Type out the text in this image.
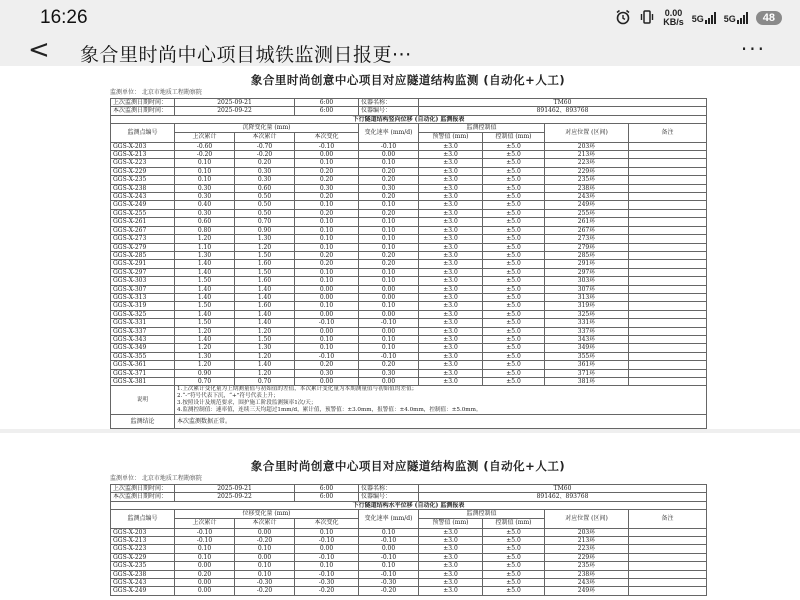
16:26	0.00
KB/s 5G 5G	48
< 象合里时尚中心项目城铁监测日报更···	···
象合里时尚创意中心项目对应隧道结构监测 (自动化+人工)
监测单位： 北京市地质工程勘察院
上次监测日期时间：	2025-09-21		6:00	仪器名称：	TM60			
本次监测日期时间：	2025-09-22		6:00	仪器编号：	891462、893768			
下行隧道结构竖向位移 (自动化) 监测报表								
监测点编号	沉降变化量 (mm)			变化速率 (mm/d)	监测控制值		对应位置 (区间)	备注
	上次累计	本次累计	本次变化		预警值 (mm)	控制值 (mm)		
GGS-X-203	-0.60	-0.70	-0.10	-0.10	±3.0	±5.0	203环	
GGS-X-213	-0.20	-0.20	0.00	0.00	±3.0	±5.0	213环	
GGS-X-223	0.10	0.20	0.10	0.10	±3.0	±5.0	223环	
GGS-X-229	0.10	0.30	0.20	0.20	±3.0	±5.0	229环	
GGS-X-235	0.10	0.30	0.20	0.20	±3.0	±5.0	235环	
GGS-X-238	0.30	0.60	0.30	0.30	±3.0	±5.0	238环	
GGS-X-243	0.30	0.50	0.20	0.20	±3.0	±5.0	243环	
GGS-X-249	0.40	0.50	0.10	0.10	±3.0	±5.0	249环	
GGS-X-255	0.30	0.50	0.20	0.20	±3.0	±5.0	255环	
GGS-X-261	0.60	0.70	0.10	0.10	±3.0	±5.0	261环	
GGS-X-267	0.80	0.90	0.10	0.10	±3.0	±5.0	267环	
GGS-X-273	1.20	1.30	0.10	0.10	±3.0	±5.0	273环	
GGS-X-279	1.10	1.20	0.10	0.10	±3.0	±5.0	279环	
GGS-X-285	1.30	1.50	0.20	0.20	±3.0	±5.0	285环	
GGS-X-291	1.40	1.60	0.20	0.20	±3.0	±5.0	291环	
GGS-X-297	1.40	1.50	0.10	0.10	±3.0	±5.0	297环	
GGS-X-303	1.50	1.60	0.10	0.10	±3.0	±5.0	303环	
GGS-X-307	1.40	1.40	0.00	0.00	±3.0	±5.0	307环	
GGS-X-313	1.40	1.40	0.00	0.00	±3.0	±5.0	313环	
GGS-X-319	1.50	1.60	0.10	0.10	±3.0	±5.0	319环	
GGS-X-325	1.40	1.40	0.00	0.00	±3.0	±5.0	325环	
GGS-X-331	1.50	1.40	-0.10	-0.10	±3.0	±5.0	331环	
GGS-X-337	1.20	1.20	0.00	0.00	±3.0	±5.0	337环	
GGS-X-343	1.40	1.50	0.10	0.10	±3.0	±5.0	343环	
GGS-X-349	1.20	1.30	0.10	0.10	±3.0	±5.0	349环	
GGS-X-355	1.30	1.20	-0.10	-0.10	±3.0	±5.0	355环	
GGS-X-361	1.20	1.40	0.20	0.20	±3.0	±5.0	361环	
GGS-X-371	0.90	1.20	0.30	0.30	±3.0	±5.0	371环	
GGS-X-381	0.70	0.70	0.00	0.00	±3.0	±5.0	381环	
说明	1.上次累计变化量为上期测量值与初始值的差值，本次累计变化量为本期测量值与初始值的差值；
2.“-”符号代表下沉，“+”符号代表上升；
3.按照设计及规范要求，围护施工阶段监测频率1次/天；
4.监测控制值：速率值，连续三天均超过1mm/d，累计值，预警值：±3.0mm，报警值：±4.0mm，控制值：±5.0mm。							

监测结论	本次监测数据正常。							
象合里时尚创意中心项目对应隧道结构监测 (自动化+人工)
监测单位： 北京市地质工程勘察院
上次监测日期时间：	2025-09-21		6:00	仪器名称：	TM60			
本次监测日期时间：	2025-09-22		6:00	仪器编号：	891462、893768			
下行隧道结构水平位移 (自动化) 监测报表								
监测点编号	位移变化量 (mm)			变化速率 (mm/d)	监测控制值		对应位置 (区间)	备注
	上次累计	本次累计	本次变化		预警值 (mm)	控制值 (mm)		
GGS-X-203	-0.10	0.00	0.10	0.10	±3.0	±5.0	203环	
GGS-X-213	-0.10	-0.20	-0.10	-0.10	±3.0	±5.0	213环	
GGS-X-223	0.10	0.10	0.00	0.00	±3.0	±5.0	223环	
GGS-X-229	0.10	0.00	-0.10	-0.10	±3.0	±5.0	229环	
GGS-X-235	0.00	0.10	0.10	0.10	±3.0	±5.0	235环	
GGS-X-238	0.20	0.10	-0.10	-0.10	±3.0	±5.0	238环	
GGS-X-243	0.00	-0.30	-0.30	-0.30	±3.0	±5.0	243环	
GGS-X-249	0.00	-0.20	-0.20	-0.20	±3.0	±5.0	249环	
